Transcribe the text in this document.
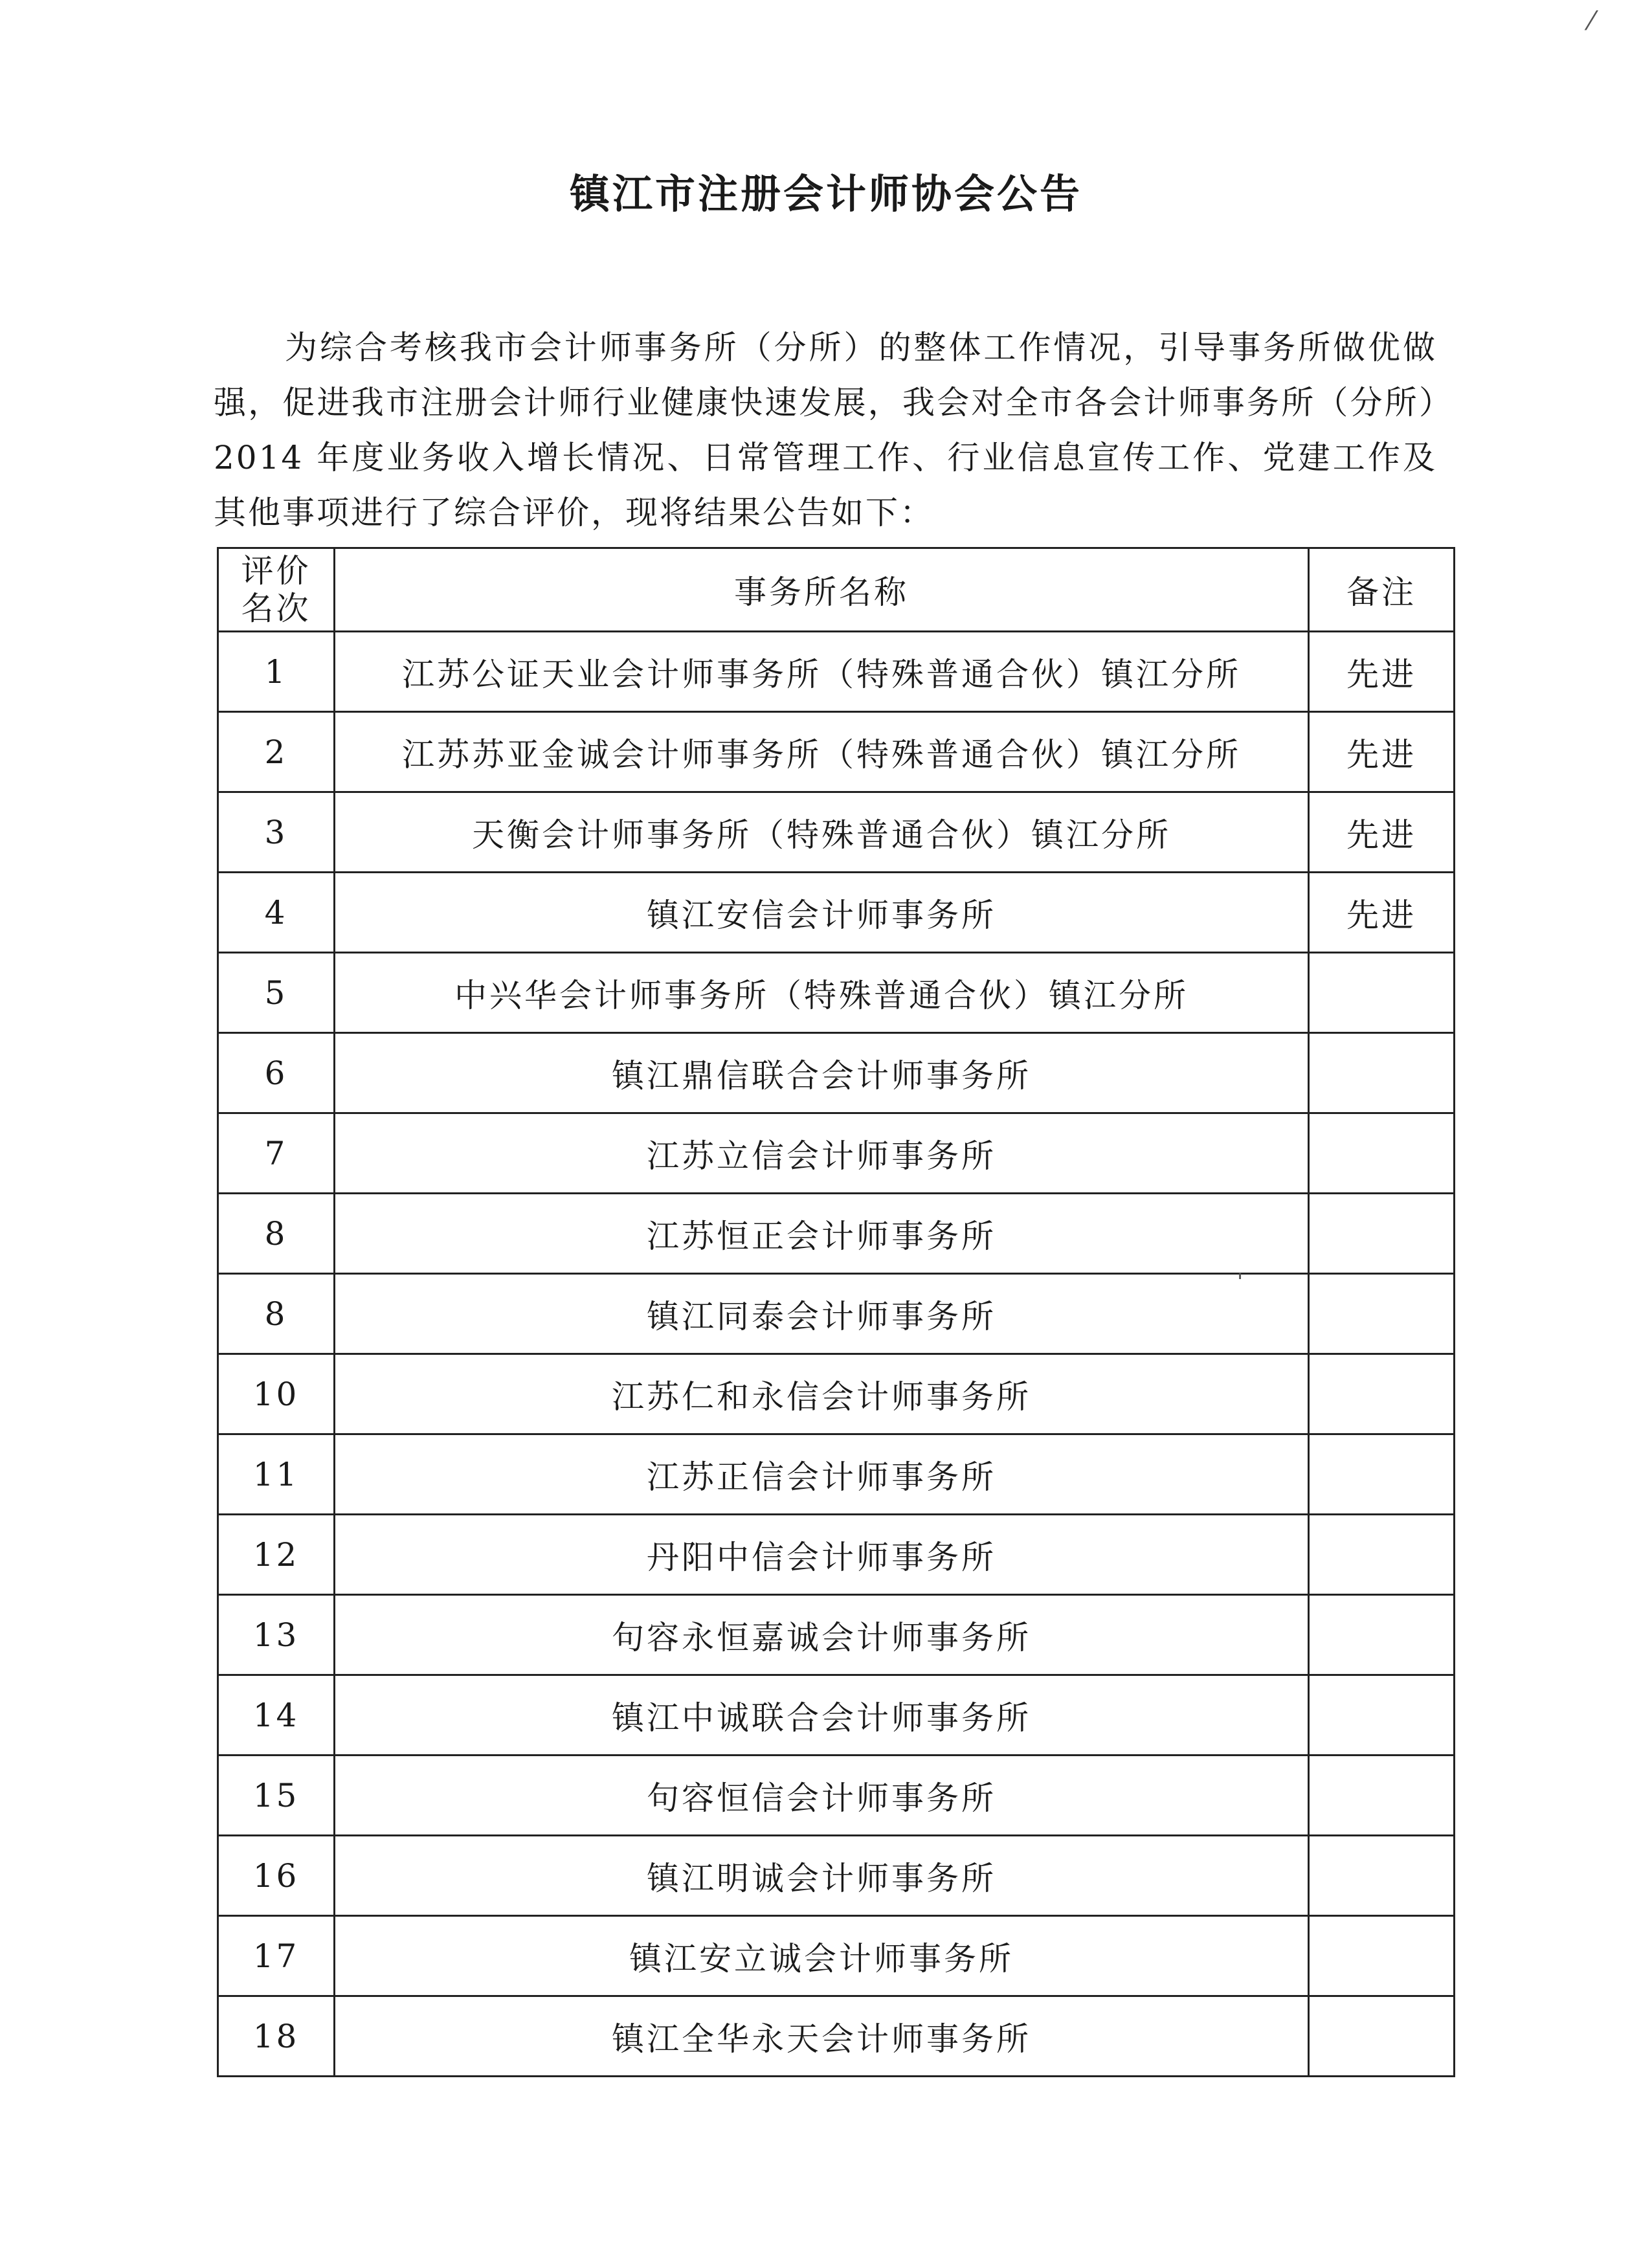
镇江市注册会计师协会公告

为综合考核我市会计师事务所（分所）的整体工作情况，引导事务所做优做强，促进我市注册会计师行业健康快速发展，我会对全市各会计师事务所（分所）2014 年度业务收入增长情况、日常管理工作、行业信息宣传工作、党建工作及其他事项进行了综合评价，现将结果公告如下：

评价
名次	事务所名称	备注
1	江苏公证天业会计师事务所（特殊普通合伙）镇江分所	先进
2	江苏苏亚金诚会计师事务所（特殊普通合伙）镇江分所	先进
3	天衡会计师事务所（特殊普通合伙）镇江分所	先进
4	镇江安信会计师事务所	先进
5	中兴华会计师事务所（特殊普通合伙）镇江分所	
6	镇江鼎信联合会计师事务所	
7	江苏立信会计师事务所	
8	江苏恒正会计师事务所	
8	镇江同泰会计师事务所	
10	江苏仁和永信会计师事务所	
11	江苏正信会计师事务所	
12	丹阳中信会计师事务所	
13	句容永恒嘉诚会计师事务所	
14	镇江中诚联合会计师事务所	
15	句容恒信会计师事务所	
16	镇江明诚会计师事务所	
17	镇江安立诚会计师事务所	
18	镇江全华永天会计师事务所	
⁄
ˌ
